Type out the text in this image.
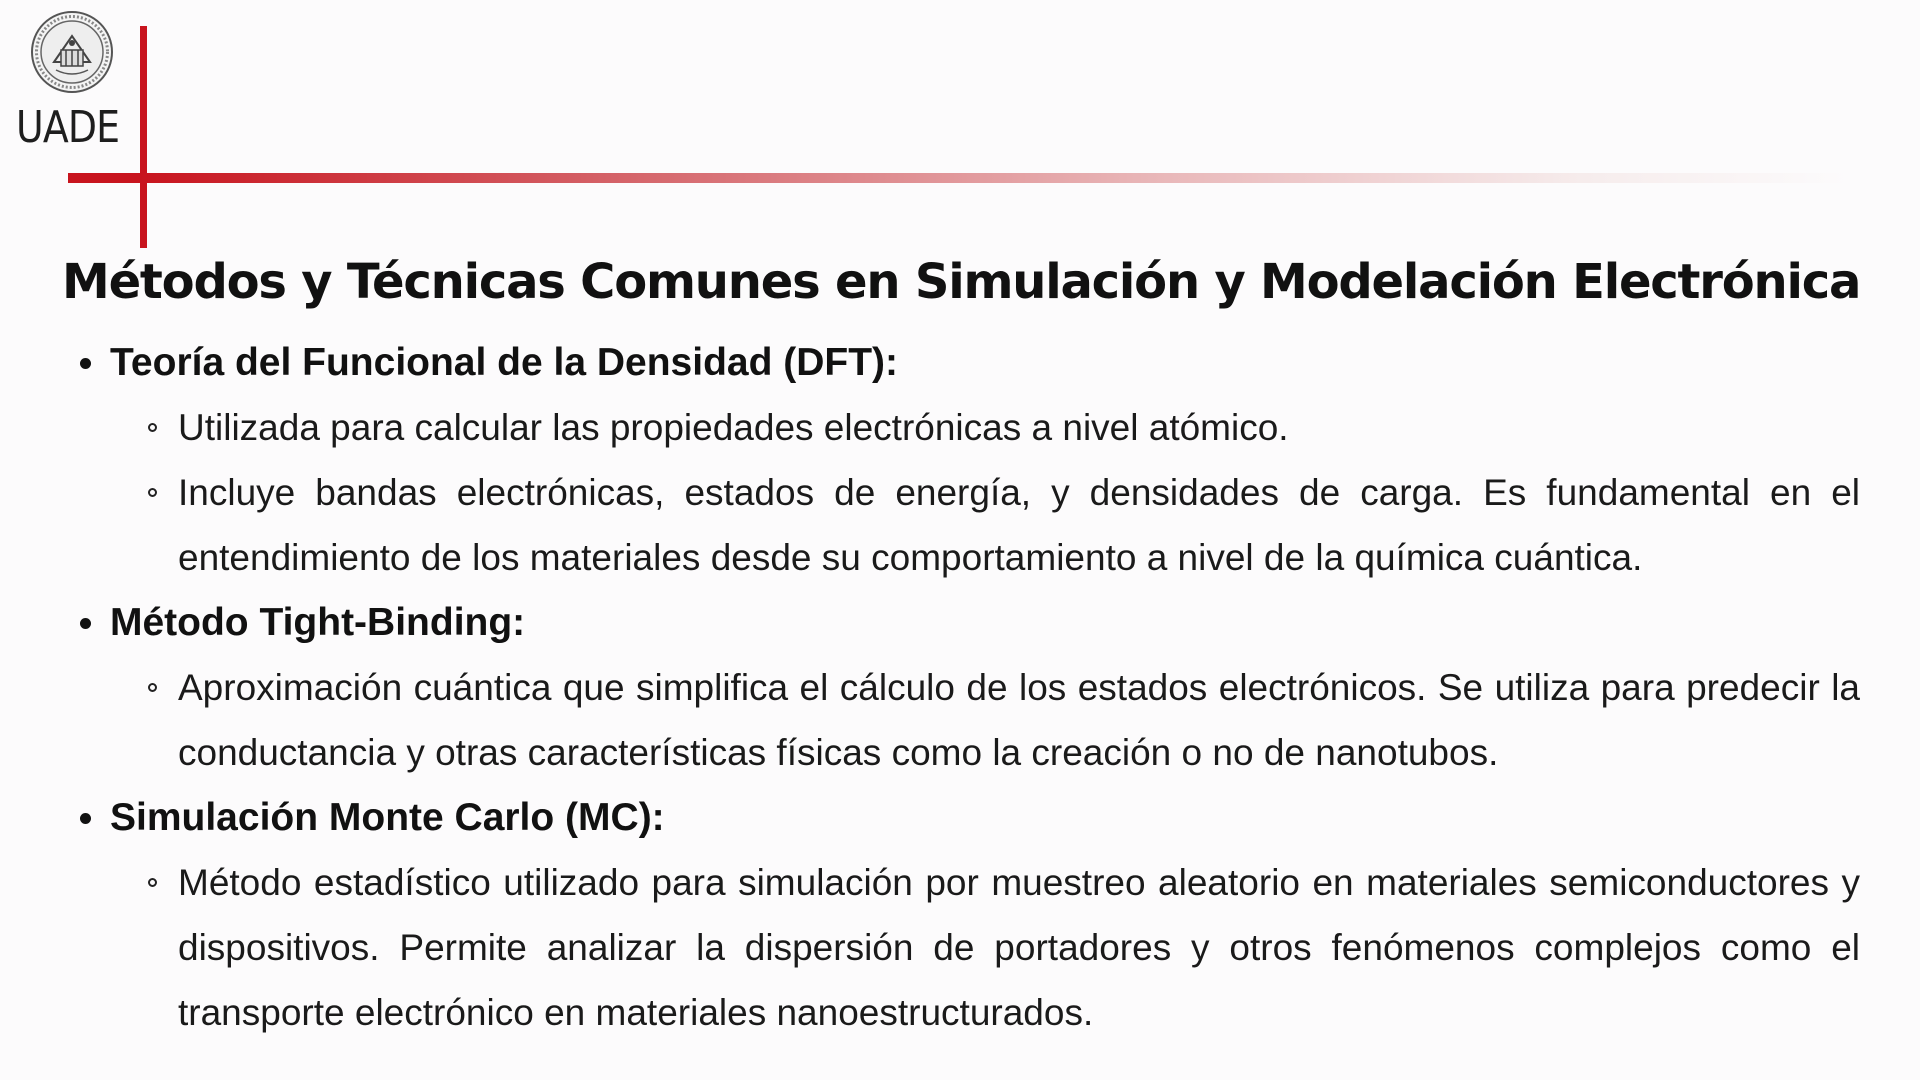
UADE
Métodos y Técnicas Comunes en Simulación y Modelación Electrónica
Teoría del Funcional de la Densidad (DFT):
Utilizada para calcular las propiedades electrónicas a nivel atómico.
Incluye bandas electrónicas, estados de energía, y densidades de carga. Es fundamental en el entendimiento de los materiales desde su comportamiento a nivel de la química cuántica.
Método Tight-Binding:
Aproximación cuántica que simplifica el cálculo de los estados electrónicos. Se utiliza para predecir la conductancia y otras características físicas como la creación o no de nanotubos.
Simulación Monte Carlo (MC):
Método estadístico utilizado para simulación por muestreo aleatorio en materiales semiconductores y dispositivos. Permite analizar la dispersión de portadores y otros fenómenos complejos como el transporte electrónico en materiales nanoestructurados.
